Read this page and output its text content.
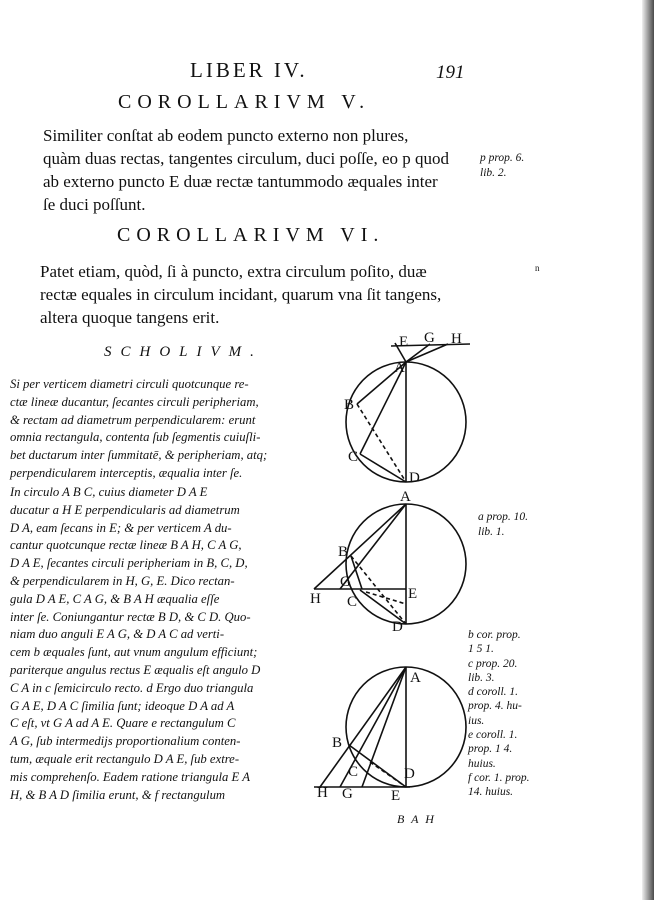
LIBER IV.	191
COROLLARIVM V.
Similiter conſtat ab eodem puncto externo non plures,
quàm duas rectas, tangentes circulum, duci poſſe, eo p quod
ab externo puncto E duæ rectæ tantummodo æquales inter
ſe duci poſſunt.
p prop. 6.
lib. 2.
COROLLARIVM VI.
Patet etiam, quòd, ſi à puncto, extra circulum poſito, duæ
rectæ equales in circulum incidant, quarum vna ſit tangens,
altera quoque tangens erit.
n
SCHOLIVM.
Si per verticem diametri circuli quotcunque re-
ctæ lineæ ducantur, ſecantes circuli peripheriam,
& rectam ad diametrum perpendicularem: erunt
omnia rectangula, contenta ſub ſegmentis cuiuſli-
bet ductarum inter ſummitatē, & peripheriam, atq;
perpendicularem interceptis, æqualia inter ſe.
In circulo A B C, cuius diameter D A E
ducatur a H E perpendicularis ad diametrum
D A, eam ſecans in E; & per verticem A du-
cantur quotcunque rectæ lineæ B A H, C A G,
D A E, ſecantes circuli peripheriam in B, C, D,
& perpendicularem in H, G, E. Dico rectan-
gula D A E, C A G, & B A H æqualia eſſe
inter ſe. Coniungantur rectæ B D, & C D. Quo-
niam duo anguli E A G, & D A C ad verti-
cem b æquales ſunt, aut vnum angulum efficiunt;
pariterque angulus rectus E æqualis eſt angulo D
C A in c ſemicirculo recto. d Ergo duo triangula
G A E, D A C ſimilia ſunt; ideoque D A ad A
C eſt, vt G A ad A E. Quare e rectangulum C
A G, ſub intermedijs proportionalium conten-
tum, æquale erit rectangulo D A E, ſub extre-
mis comprehenſo. Eadem ratione triangula E A
H, & B A D ſimilia erunt, & f rectangulum
a prop. 10.
lib. 1.
b cor. prop.
1 5 1.
c prop. 20.
lib. 3.
d coroll. 1.
prop. 4. hu-
ius.
e coroll. 1.
prop. 1 4.
huius.
f cor. 1. prop.
14. huius.
E G H
A
B
C
D
A
B
G
H C	E
D
A
B
C	D
H G	E
B A H
